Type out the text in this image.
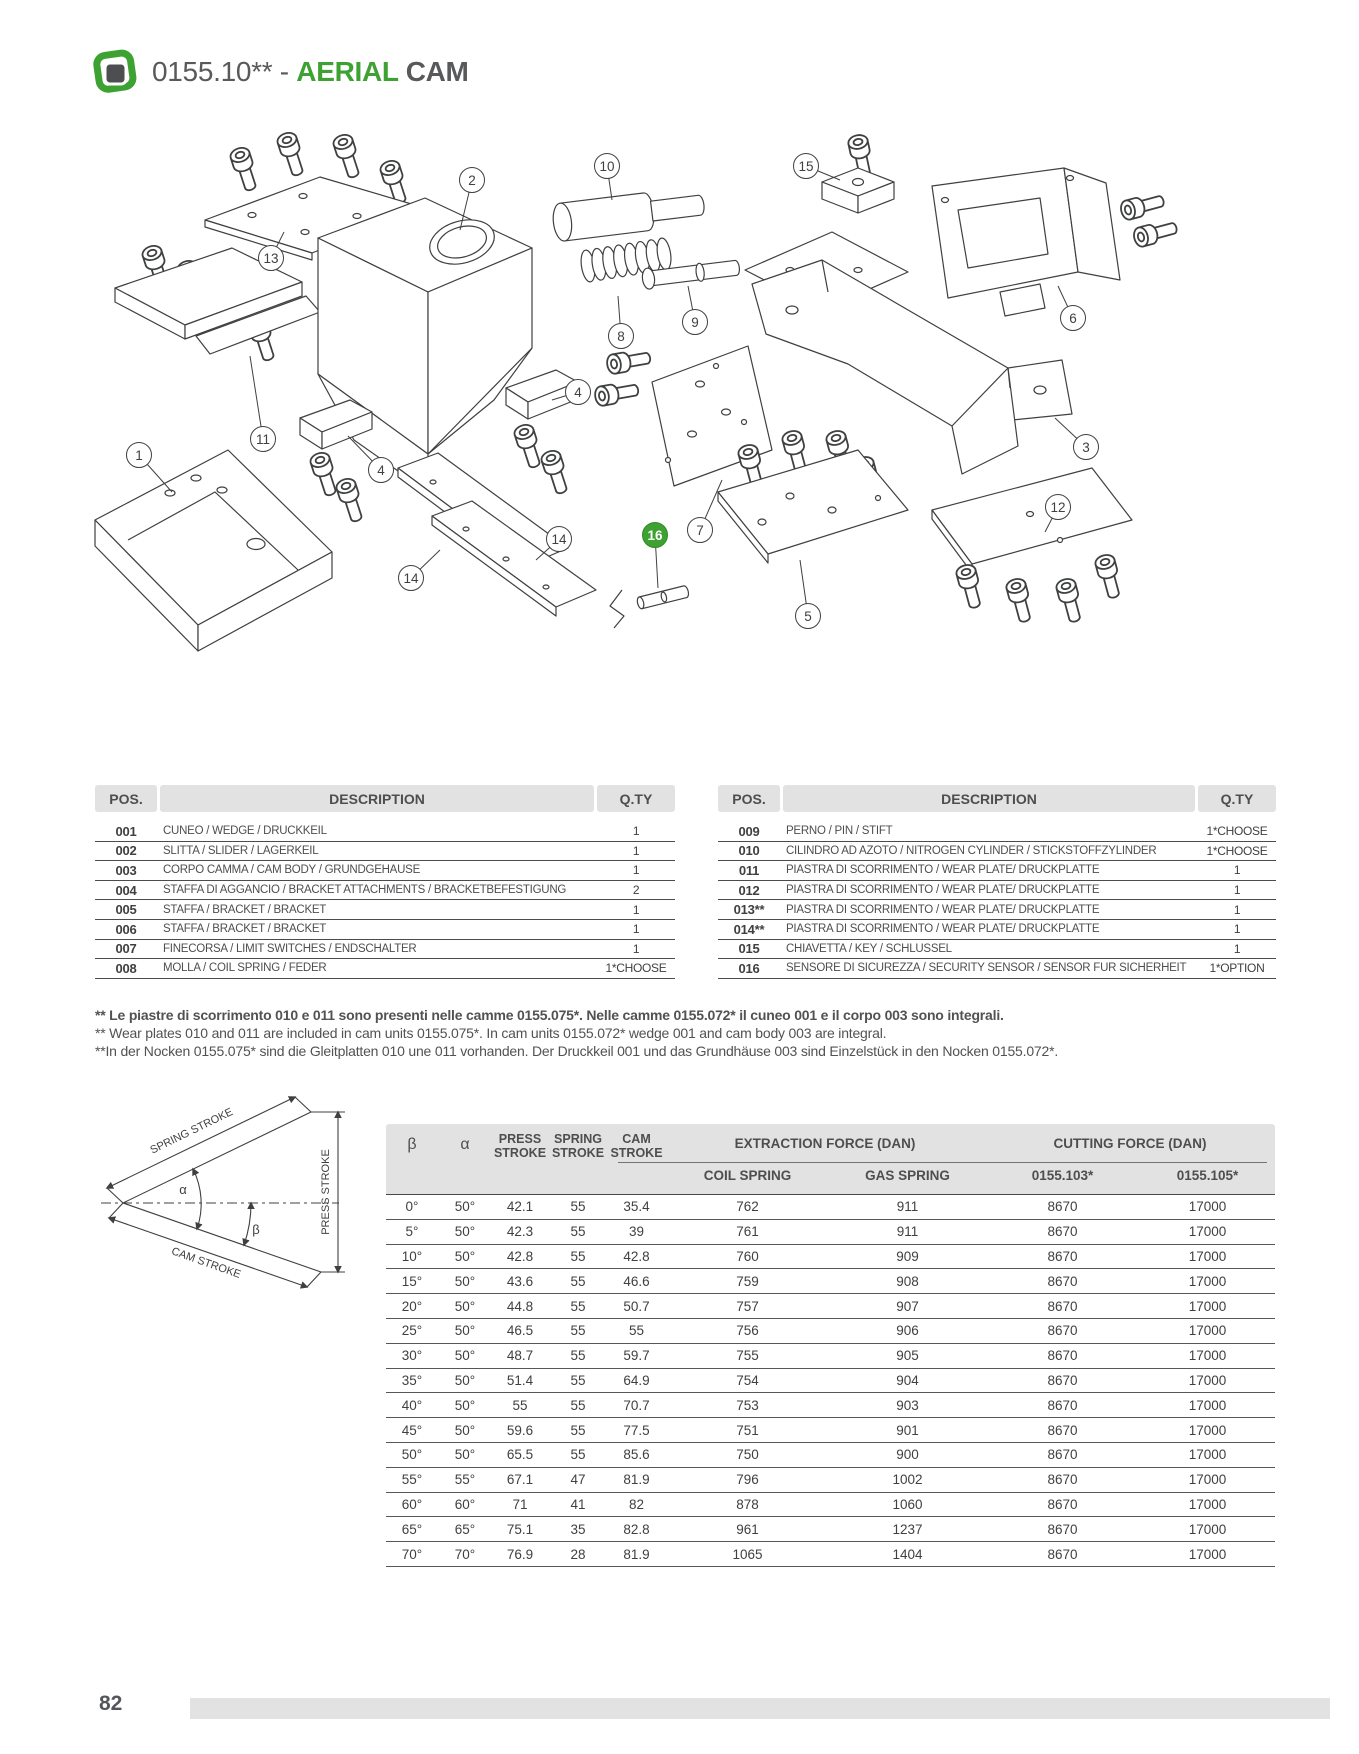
0155.10** - AERIAL CAM
1
2
3
4
4
5
6
7
8
9
10
11
12
13
14
14
15
16
POS.	DESCRIPTION	Q.TY
001	CUNEO / WEDGE / DRUCKKEIL	1
002	SLITTA / SLIDER / LAGERKEIL	1
003	CORPO CAMMA / CAM BODY / GRUNDGEHÄUSE	1
004	STAFFA DI AGGANCIO / BRACKET ATTACHMENTS / BRACKETBEFESTIGUNG	2
005	STAFFA / BRACKET / BRACKET	1
006	STAFFA / BRACKET / BRACKET	1
007	FINECORSA / LIMIT SWITCHES / ENDSCHALTER	1
008	MOLLA / COIL SPRING / FEDER	1*CHOOSE
POS.	DESCRIPTION	Q.TY
009	PERNO / PIN / STIFT	1*CHOOSE
010	CILINDRO AD AZOTO / NITROGEN CYLINDER / STICKSTOFFZYLINDER	1*CHOOSE
011	PIASTRA DI SCORRIMENTO / WEAR PLATE/ DRUCKPLATTE	1
012	PIASTRA DI SCORRIMENTO / WEAR PLATE/ DRUCKPLATTE	1
013**	PIASTRA DI SCORRIMENTO / WEAR PLATE/ DRUCKPLATTE	1
014**	PIASTRA DI SCORRIMENTO / WEAR PLATE/ DRUCKPLATTE	1
015	CHIAVETTA / KEY / SCHLÜSSEL	1
016	SENSORE DI SICUREZZA / SECURITY SENSOR / SENSOR FÜR SICHERHEIT	1*OPTION
** Le piastre di scorrimento 010 e 011 sono presenti nelle camme 0155.075*. Nelle camme 0155.072* il cuneo 001 e il corpo 003 sono integrali.
** Wear plates 010 and 011 are included in cam units 0155.075*. In cam units 0155.072* wedge 001 and cam body 003 are integral.
**In der Nocken 0155.075* sind die Gleitplatten 010 une 011 vorhanden. Der Druckkeil 001 und das Grundhäuse 003 sind Einzelstück in den Nocken 0155.072*.
SPRING STROKE
CAM STROKE
PRESS STROKE
α
β
β	α	PRESS STROKE
SPRING STROKE
CAM STROKE
EXTRACTION FORCE (DAN)	CUTTING FORCE (DAN)
COIL SPRING	GAS SPRING	0155.103*	0155.105*
0°	50°	42.1	55	35.4	762	911	8670	17000
5°	50°	42.3	55	39	761	911	8670	17000
10°	50°	42.8	55	42.8	760	909	8670	17000
15°	50°	43.6	55	46.6	759	908	8670	17000
20°	50°	44.8	55	50.7	757	907	8670	17000
25°	50°	46.5	55	55	756	906	8670	17000
30°	50°	48.7	55	59.7	755	905	8670	17000
35°	50°	51.4	55	64.9	754	904	8670	17000
40°	50°	55	55	70.7	753	903	8670	17000
45°	50°	59.6	55	77.5	751	901	8670	17000
50°	50°	65.5	55	85.6	750	900	8670	17000
55°	55°	67.1	47	81.9	796	1002	8670	17000
60°	60°	71	41	82	878	1060	8670	17000
65°	65°	75.1	35	82.8	961	1237	8670	17000
70°	70°	76.9	28	81.9	1065	1404	8670	17000
82
